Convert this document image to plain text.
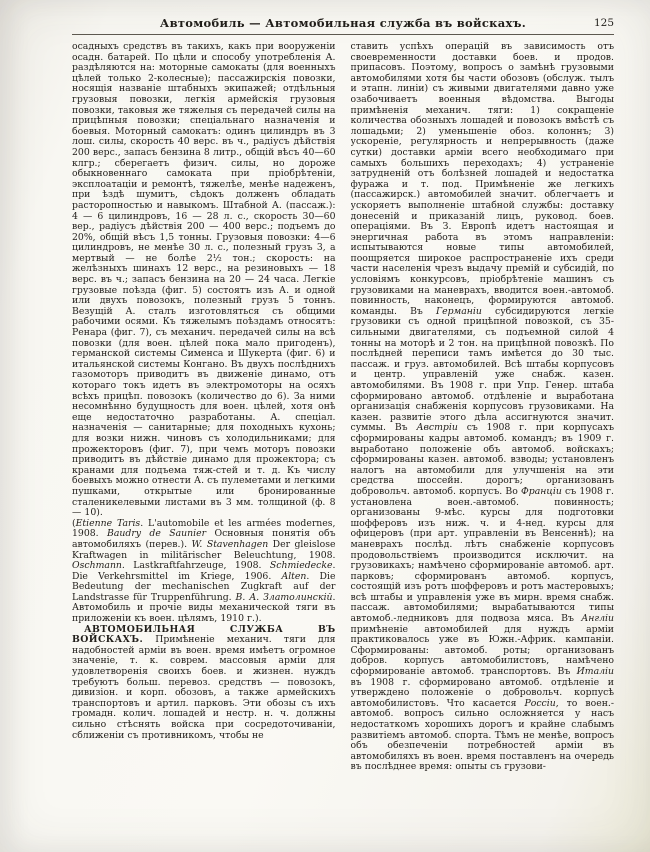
Автомобиль — Автомобильная служба въ войскахъ.	125

осадныхъ средствъ въ такихъ, какъ при вооруженіи осадн. батарей. По цѣли и способу употребленія А. раздѣляются на: моторные самокаты (для военныхъ цѣлей только 2-колесные); пассажирскія повозки, носящія названіе штабныхъ экипажей; отдѣльныя грузовыя повозки, легкія армейскія грузовыя повозки, таковыя же тяжелыя съ передачей силы на прицѣпныя повозки; спеціальнаго назначенія и боевыя. Моторный самокатъ: одинъ цилиндръ въ 3 лош. силы, скорость 40 верс. въ ч., радіусъ дѣйствія 200 верс., запасъ бензина 8 литр., общій вѣсъ 40—60 клгр.; сберегаетъ физич. силы, но дороже обыкновеннаго самоката при пріобрѣтеніи, эксплоатаціи и ремонтѣ, тяжелѣе, менѣе надеженъ, при ѣздѣ шумитъ, сѣдокъ долженъ обладать расторопностью и навыкомъ. Штабной А. (пассаж.): 4 — 6 цилиндровъ, 16 — 28 л. с., скорость 30—60 вер., радіусъ дѣйствія 200 — 400 верс.; подъемъ до 20%, общій вѣсъ 1,5 тонны. Грузовыя повозки: 4—6 цилиндровъ, не менѣе 30 л. с., полезный грузъ 3, а мертвый — не болѣе 2½ тон.; скорость: на желѣзныхъ шинахъ 12 верс., на резиновыхъ — 18 верс. въ ч.; запасъ бензина на 20 — 24 часа. Легкіе грузовые поѣзда (фиг. 5) состоятъ изъ А. и одной или двухъ повозокъ, полезный грузъ 5 тоннъ. Везущій А. сталъ изготовляться съ общими рабочими осями. Къ тяжелымъ поѣздамъ относятъ: Ренара (фиг. 7), съ механич. передачей силы на всѣ повозки (для воен. цѣлей пока мало пригоденъ), германской системы Сименса и Шукерта (фиг. 6) и итальянской системы Конгано. Въ двухъ послѣднихъ газомоторъ приводитъ въ движеніе динамо, отъ котораго токъ идетъ въ электромоторы на осяхъ всѣхъ прицѣп. повозокъ (количество до 6). За ними несомнѣнно будущность для воен. цѣлей, хотя онѣ еще недостаточно разработаны. А. спеціал. назначенія — санитарные; для походныхъ кухонь; для возки нижн. чиновъ съ холодильниками; для прожекторовъ (фиг. 7), при чемъ моторъ повозки приводитъ въ дѣйствіе динамо для прожектора; съ кранами для подъема тяж-стей и т. д. Къ числу боевыхъ можно отнести А. съ пулеметами и легкими пушками, открытые или бронированные сталеникелевыми листами въ 3 мм. толщиной (ф. 8 — 10).

(Etienne Taris. L'automobile et les armées modernes, 1908. Baudry de Saunier Основныя понятія объ автомобиляхъ (перев.). W. Stavenhagen Der gleislose Kraftwagen in militärischer Beleuchtung, 1908. Oschmann. Lastkraftfahrzeuge, 1908. Schmiedecke. Die Verkehrsmittel im Kriege, 1906. Alten. Die Bedeutung der mechanischen Zugkraft auf der Landstrasse für Truppenführung. В. А. Златолинскій. Автомобиль и прочіе виды механической тяги въ приложеніи къ воен. цѣлямъ, 1910 г.).

АВТОМОБИЛЬНАЯ СЛУЖБА ВЪ ВОЙСКАХЪ. Примѣненіе механич. тяги для надобностей арміи въ воен. время имѣетъ огромное значеніе, т. к. соврем. массовыя арміи для удовлетворенія своихъ боев. и жизнен. нуждъ требуютъ больш. перевоз. средствъ — повозокъ, дивизіон. и корп. обозовъ, а также армейскихъ транспортовъ и артил. парковъ. Эти обозы съ ихъ громадн. колич. лошадей и нестр. н. ч. должны сильно стѣснять войска при сосредоточиваніи, сближеніи съ противникомъ, чтобы не

ставить успѣхъ операцій въ зависимость отъ своевременности доставки боев. и продов. припасовъ. Поэтому, вопросъ о замѣнѣ грузовыми автомобилями хотя бы части обозовъ (обслуж. тылъ и этапн. линіи) съ живыми двигателями давно уже озабочиваетъ военныя вѣдомства. Выгоды примѣненія механич. тяги: 1) сокращеніе количества обозныхъ лошадей и повозокъ вмѣстѣ съ лошадьми; 2) уменьшеніе обоз. колоннъ; 3) ускореніе, регулярность и непрерывность (даже сутки) доставки арміи всего необходимаго при самыхъ большихъ переходахъ; 4) устраненіе затрудненій отъ болѣзней лошадей и недостатка фуража и т. под. Примѣненіе же легкихъ (пассажирск.) автомобилей значит. облегчаетъ и ускоряетъ выполненіе штабной службы: доставку донесеній и приказаній лицъ, руковод. боев. операціями. Въ З. Европѣ идетъ настоящая и энергичная работа въ этомъ направленіи: испытываются новые типы автомобилей, поощряется широкое распространеніе ихъ среди части населенія чрезъ выдачу премій и субсидій, по условіямъ конкурсовъ, пріобрѣтеніе машинъ съ грузовиками на маневрахъ, вводится воен.-автомоб. повинность, наконецъ, формируются автомоб. команды. Въ Германіи субсидируются легкіе грузовики съ одной прицѣпной повозкой, съ 35-сильными двигателями, съ подъемной силой 4 тонны на моторѣ и 2 тон. на прицѣпной повозкѣ. По послѣдней переписи тамъ имѣется до 30 тыс. пассаж. и груз. автомобилей. Всѣ штабы корпусовъ и центр. управленій уже снабж. казен. автомобилями. Въ 1908 г. при Упр. Генер. штаба сформировано автомоб. отдѣленіе и выработана организація снабженія корпусовъ грузовиками. На казен. развитіе этого дѣла ассигнуются значит. суммы. Въ Австріи съ 1908 г. при корпусахъ сформированы кадры автомоб. командъ; въ 1909 г. выработано положеніе объ автомоб. войскахъ; сформированы казен. автомоб. взводы; установленъ налогъ на автомобили для улучшенія на эти средства шоссейн. дорогъ; организованъ добровольч. автомоб. корпусъ. Во Франціи съ 1908 г. установлена воен.-автомоб. повинность; организованы 9-мѣс. курсы для подготовки шофферовъ изъ ниж. ч. и 4-нед. курсы для офицеровъ (при арт. управленіи въ Венсеннѣ); на маневрахъ послѣд. лѣтъ снабженіе корпусовъ продовольствіемъ производится исключит. на грузовикахъ; намѣчено сформированіе автомоб. арт. парковъ; сформированъ автомоб. корпусъ, состоящій изъ ротъ шофферовъ и ротъ мастеровыхъ; всѣ штабы и управленія уже въ мирн. время снабж. пассаж. автомобилями; вырабатываются типы автомоб.-ледниковъ для подвоза мяса. Въ Англіи примѣненіе автомобилей для нуждъ арміи практиковалось уже въ Южн.-Африк. кампаніи. Сформированы: автомоб. роты; организованъ добров. корпусъ автомобилистовъ, намѣчено сформированіе автомоб. транспортовъ. Въ Италіи въ 1908 г. сформировано автомоб. отдѣленіе и утверждено положеніе о добровольч. корпусѣ автомобилистовъ. Что касается Россіи, то воен.-автомоб. вопросъ сильно осложняется у насъ недостаткомъ хорошихъ дорогъ и крайне слабымъ развитіемъ автомоб. спорта. Тѣмъ не менѣе, вопросъ объ обезпеченіи потребностей арміи въ автомобиляхъ въ воен. время поставленъ на очередь въ послѣднее время: опыты съ грузови-
